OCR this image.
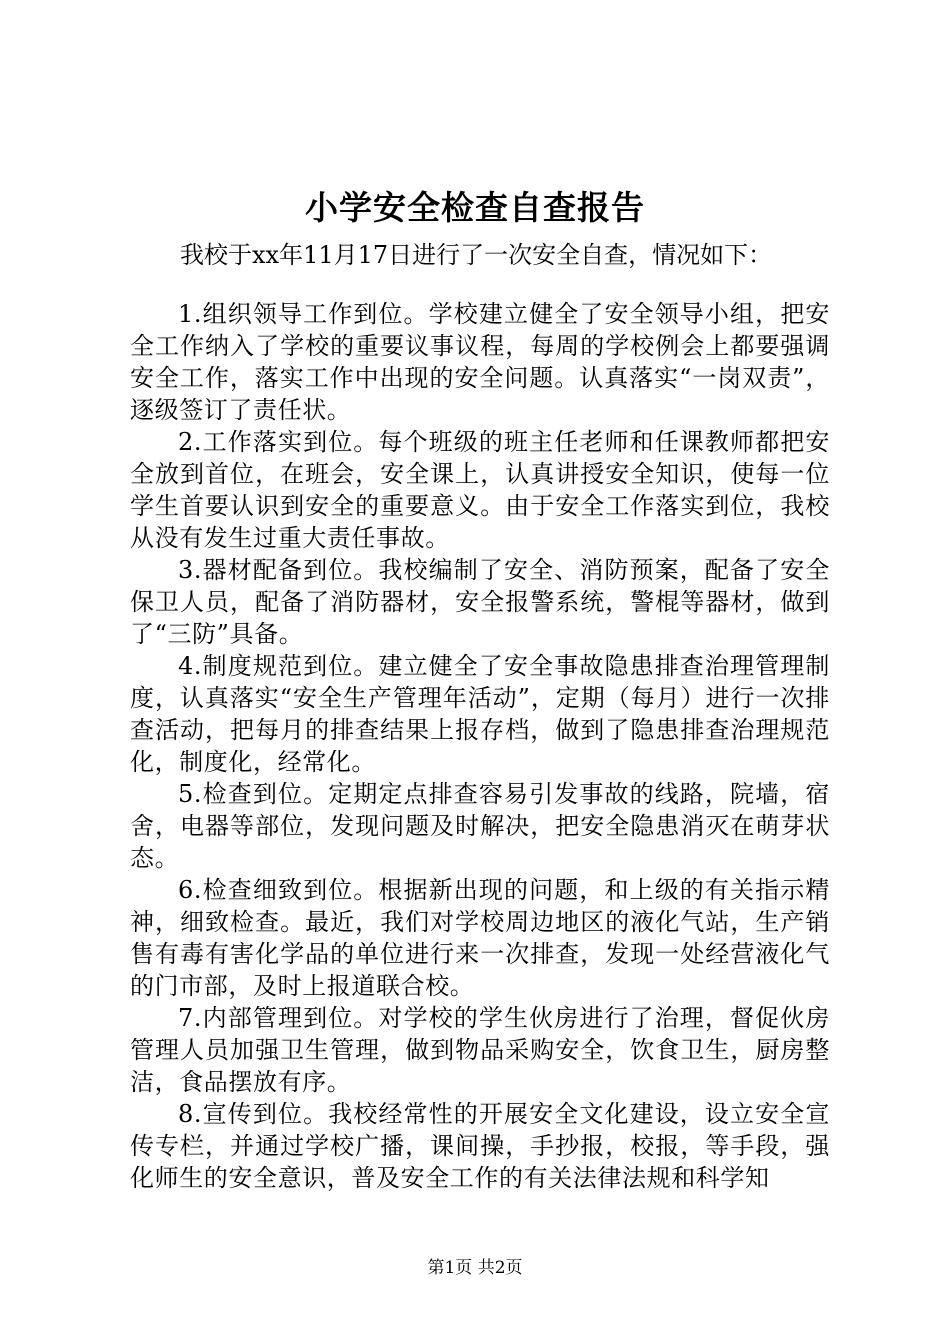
小学安全检查自查报告
我校于xx年11月17日进行了一次安全自查，情况如下：

1.组织领导工作到位。学校建立健全了安全领导小组，把安全工作纳入了学校的重要议事议程，每周的学校例会上都要强调安全工作，落实工作中出现的安全问题。认真落实“一岗双责”，逐级签订了责任状。

2.工作落实到位。每个班级的班主任老师和任课教师都把安全放到首位，在班会，安全课上，认真讲授安全知识，使每一位学生首要认识到安全的重要意义。由于安全工作落实到位，我校从没有发生过重大责任事故。

3.器材配备到位。我校编制了安全、消防预案，配备了安全保卫人员，配备了消防器材，安全报警系统，警棍等器材，做到了“三防”具备。

4.制度规范到位。建立健全了安全事故隐患排查治理管理制度，认真落实“安全生产管理年活动”，定期（每月）进行一次排查活动，把每月的排查结果上报存档，做到了隐患排查治理规范化，制度化，经常化。

5.检查到位。定期定点排查容易引发事故的线路，院墙，宿舍，电器等部位，发现问题及时解决，把安全隐患消灭在萌芽状态。

6.检查细致到位。根据新出现的问题，和上级的有关指示精神，细致检查。最近，我们对学校周边地区的液化气站，生产销售有毒有害化学品的单位进行来一次排查，发现一处经营液化气的门市部，及时上报道联合校。

7.内部管理到位。对学校的学生伙房进行了治理，督促伙房管理人员加强卫生管理，做到物品采购安全，饮食卫生，厨房整洁，食品摆放有序。

8.宣传到位。我校经常性的开展安全文化建设，设立安全宣传专栏，并通过学校广播，课间操，手抄报，校报，等手段，强化师生的安全意识，普及安全工作的有关法律法规和科学知

第1页 共2页
